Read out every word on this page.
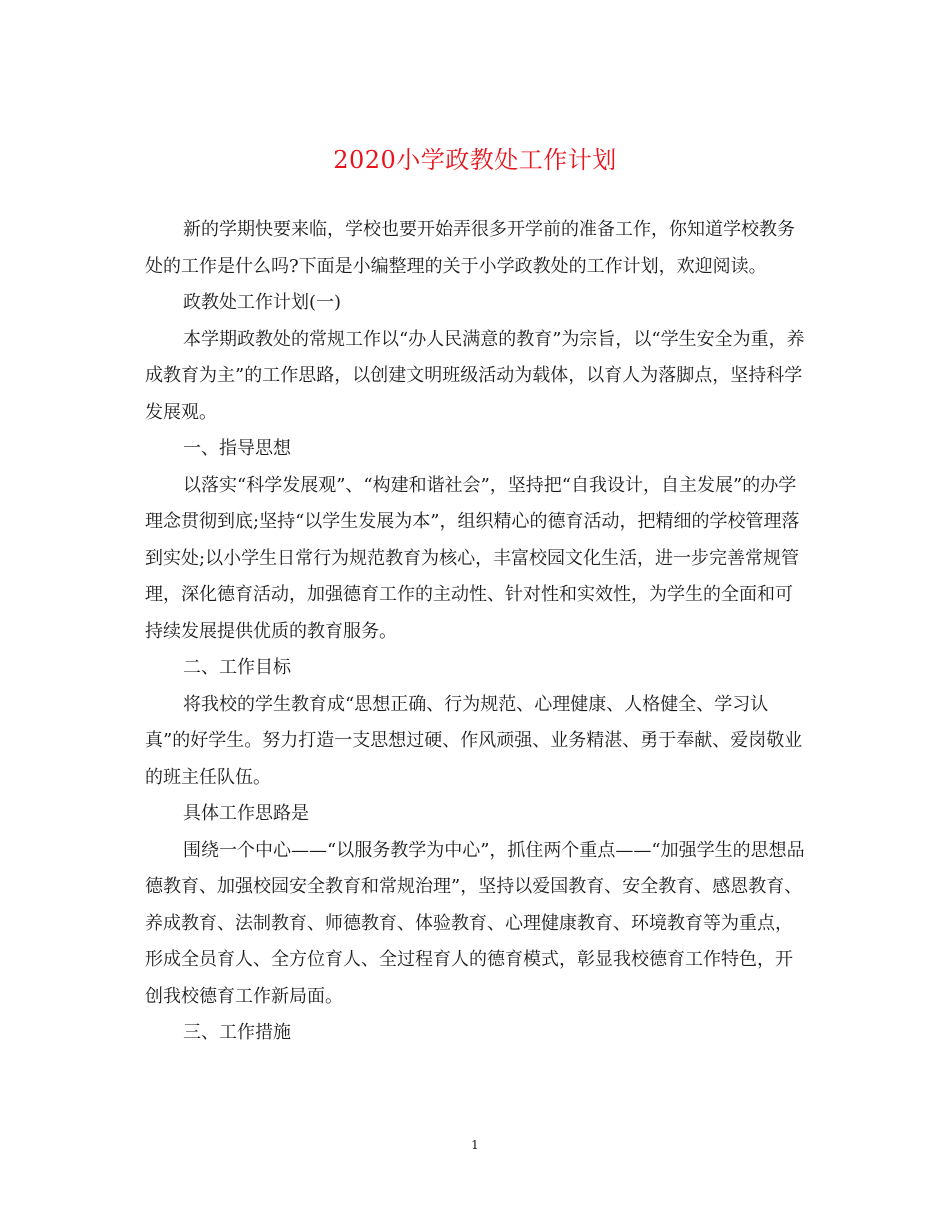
2020小学政教处工作计划

新的学期快要来临，学校也要开始弄很多开学前的准备工作，你知道学校教务处的工作是什么吗?下面是小编整理的关于小学政教处的工作计划，欢迎阅读。

政教处工作计划(一)

本学期政教处的常规工作以“办人民满意的教育”为宗旨，以“学生安全为重，养成教育为主”的工作思路，以创建文明班级活动为载体，以育人为落脚点，坚持科学发展观。

一、指导思想

以落实“科学发展观”、“构建和谐社会”，坚持把“自我设计，自主发展”的办学理念贯彻到底;坚持“以学生发展为本”，组织精心的德育活动，把精细的学校管理落到实处;以小学生日常行为规范教育为核心，丰富校园文化生活，进一步完善常规管理，深化德育活动，加强德育工作的主动性、针对性和实效性，为学生的全面和可持续发展提供优质的教育服务。

二、工作目标

将我校的学生教育成“思想正确、行为规范、心理健康、人格健全、学习认真”的好学生。努力打造一支思想过硬、作风顽强、业务精湛、勇于奉献、爱岗敬业的班主任队伍。

具体工作思路是

围绕一个中心——“以服务教学为中心”，抓住两个重点——“加强学生的思想品德教育、加强校园安全教育和常规治理”，坚持以爱国教育、安全教育、感恩教育、养成教育、法制教育、师德教育、体验教育、心理健康教育、环境教育等为重点，形成全员育人、全方位育人、全过程育人的德育模式，彰显我校德育工作特色，开创我校德育工作新局面。

三、工作措施

1
